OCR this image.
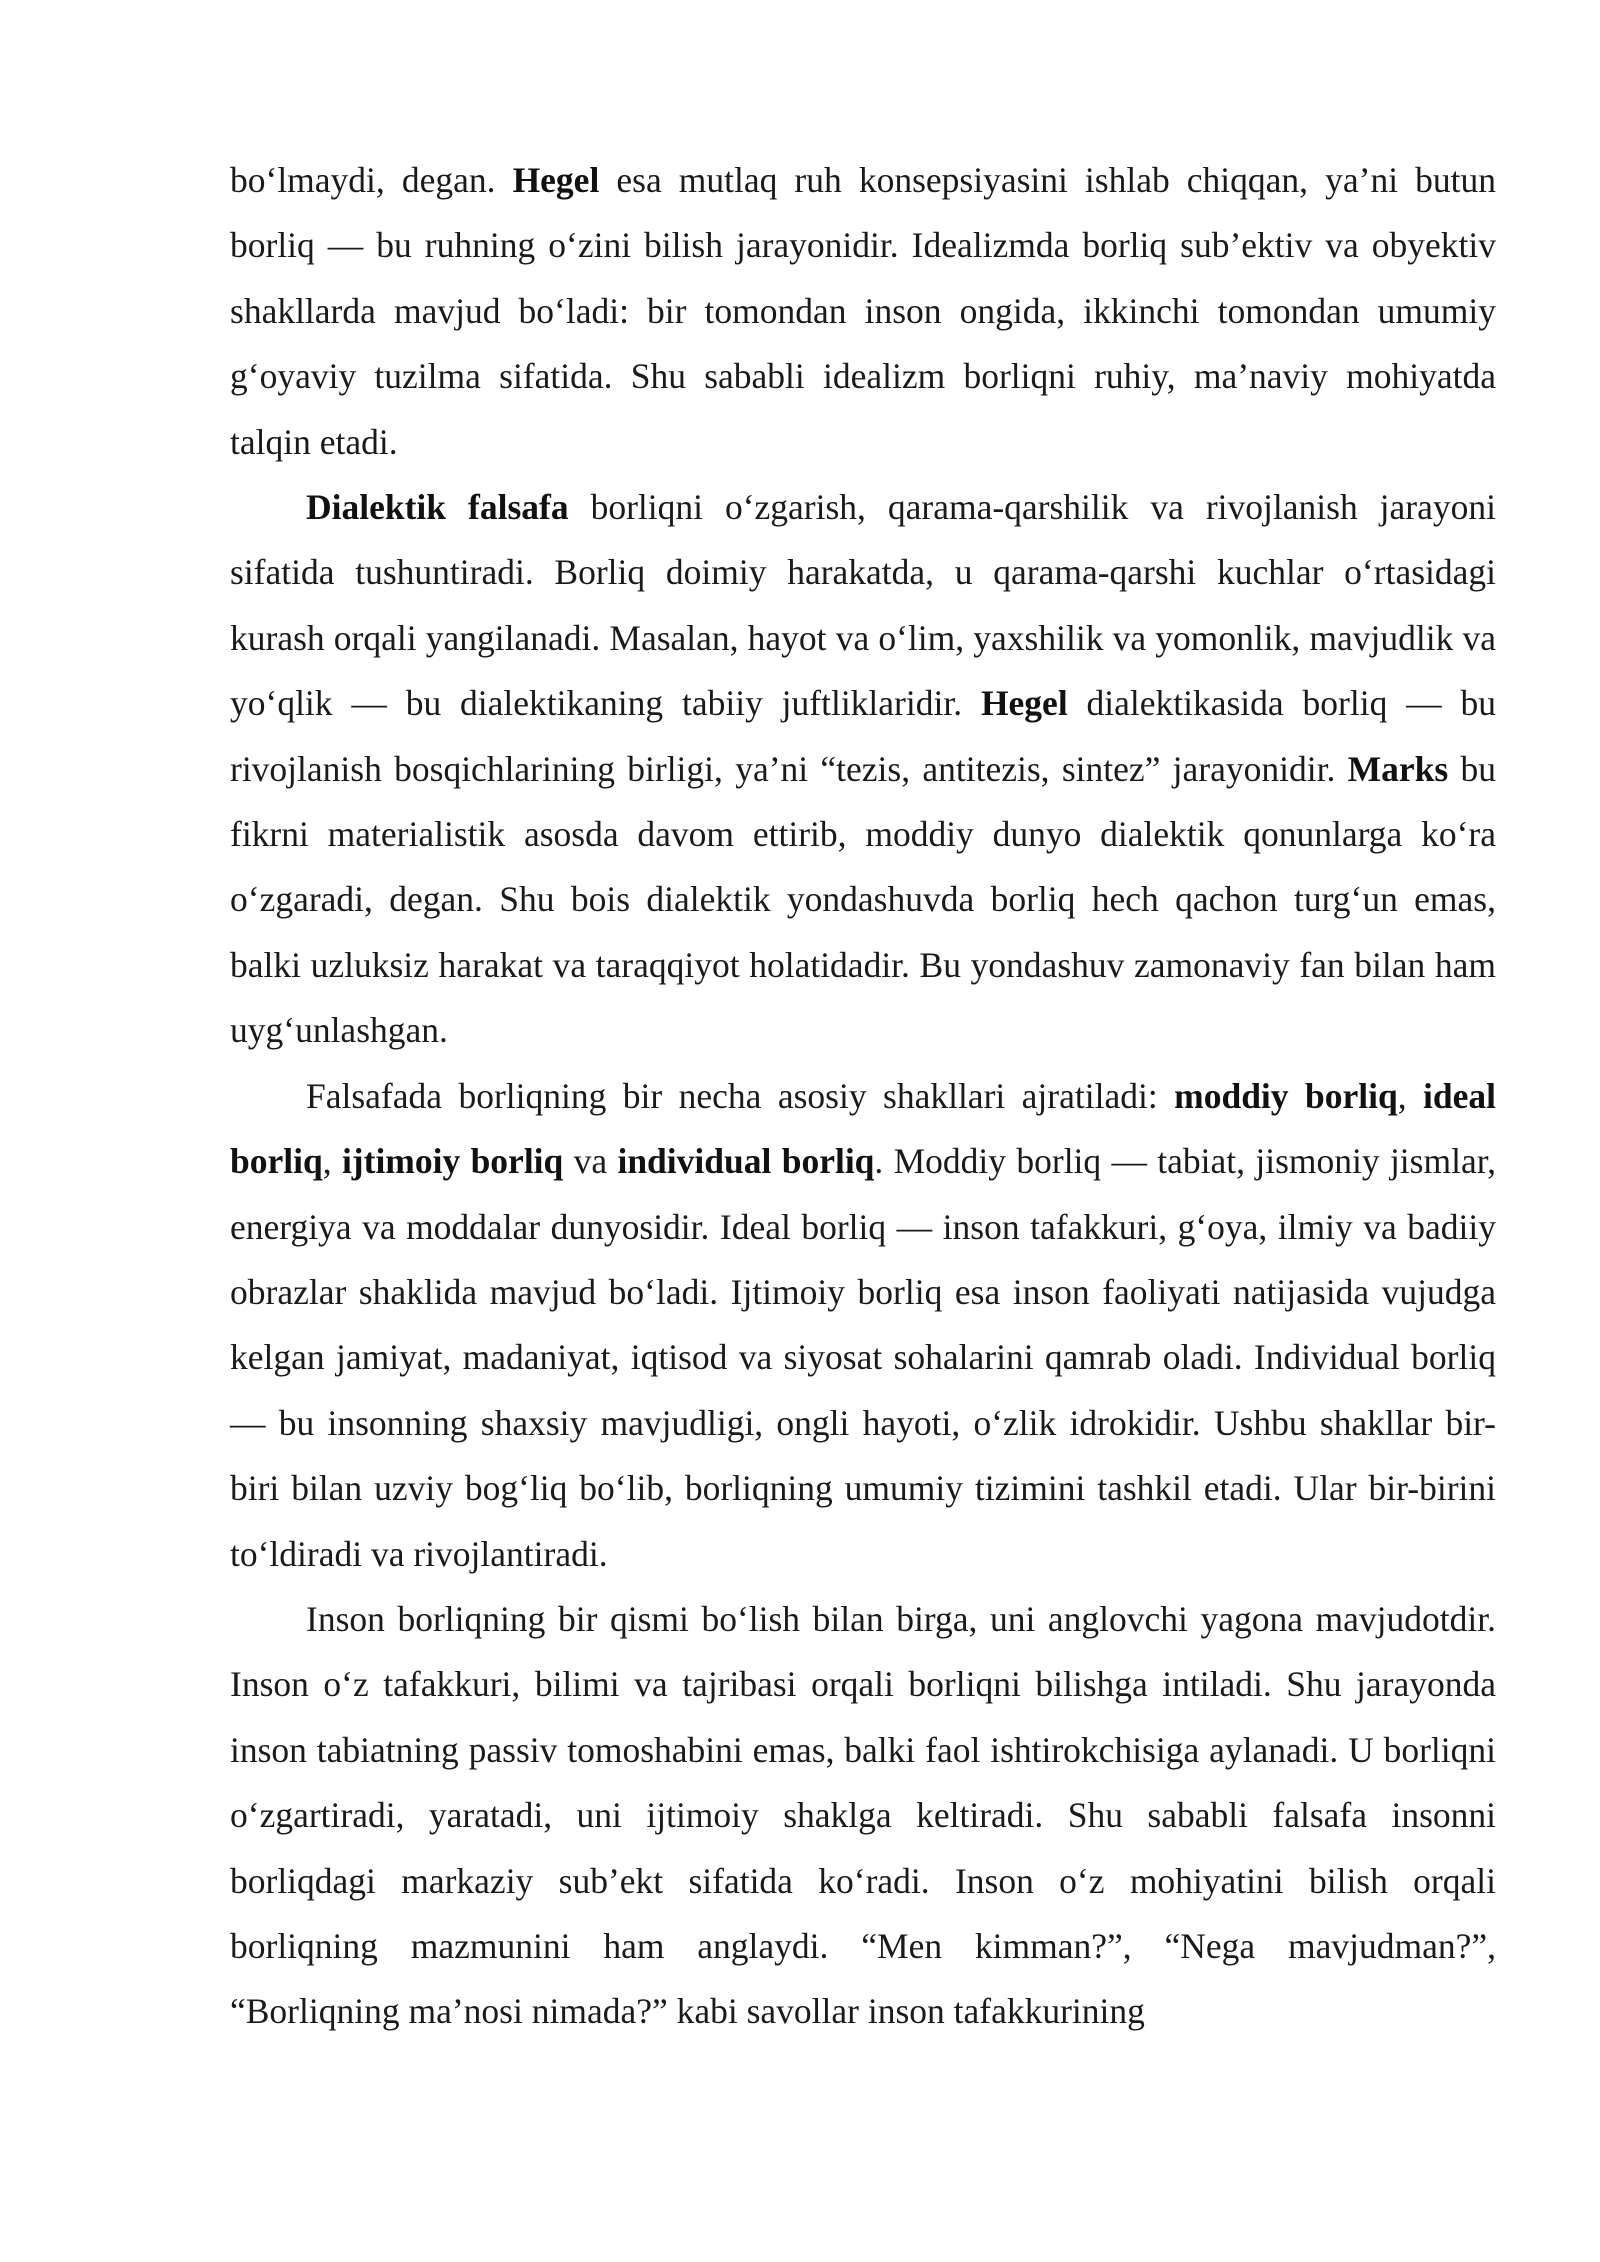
bo‘lmaydi, degan. Hegel esa mutlaq ruh konsepsiyasini ishlab chiqqan, ya’ni butun borliq — bu ruhning o‘zini bilish jarayonidir. Idealizmda borliq sub’ektiv va obyektiv shakllarda mavjud bo‘ladi: bir tomondan inson ongida, ikkinchi tomondan umumiy g‘oyaviy tuzilma sifatida. Shu sababli idealizm borliqni ruhiy, ma’naviy mohiyatda talqin etadi.

Dialektik falsafa borliqni o‘zgarish, qarama-qarshilik va rivojlanish jarayoni sifatida tushuntiradi. Borliq doimiy harakatda, u qarama-qarshi kuchlar o‘rtasidagi kurash orqali yangilanadi. Masalan, hayot va o‘lim, yaxshilik va yomonlik, mavjudlik va yo‘qlik — bu dialektikaning tabiiy juftliklaridir. Hegel dialektikasida borliq — bu rivojlanish bosqichlarining birligi, ya’ni “tezis, antitezis, sintez” jarayonidir. Marks bu fikrni materialistik asosda davom ettirib, moddiy dunyo dialektik qonunlarga ko‘ra o‘zgaradi, degan. Shu bois dialektik yondashuvda borliq hech qachon turg‘un emas, balki uzluksiz harakat va taraqqiyot holatidadir. Bu yondashuv zamonaviy fan bilan ham uyg‘unlashgan.

Falsafada borliqning bir necha asosiy shakllari ajratiladi: moddiy borliq, ideal borliq, ijtimoiy borliq va individual borliq. Moddiy borliq — tabiat, jismoniy jismlar, energiya va moddalar dunyosidir. Ideal borliq — inson tafakkuri, g‘oya, ilmiy va badiiy obrazlar shaklida mavjud bo‘ladi. Ijtimoiy borliq esa inson faoliyati natijasida vujudga kelgan jamiyat, madaniyat, iqtisod va siyosat sohalarini qamrab oladi. Individual borliq — bu insonning shaxsiy mavjudligi, ongli hayoti, o‘zlik idrokidir. Ushbu shakllar bir-biri bilan uzviy bog‘liq bo‘lib, borliqning umumiy tizimini tashkil etadi. Ular bir-birini to‘ldiradi va rivojlantiradi.

Inson borliqning bir qismi bo‘lish bilan birga, uni anglovchi yagona mavjudotdir. Inson o‘z tafakkuri, bilimi va tajribasi orqali borliqni bilishga intiladi. Shu jarayonda inson tabiatning passiv tomoshabini emas, balki faol ishtirokchisiga aylanadi. U borliqni o‘zgartiradi, yaratadi, uni ijtimoiy shaklga keltiradi. Shu sababli falsafa insonni borliqdagi markaziy sub’ekt sifatida ko‘radi. Inson o‘z mohiyatini bilish orqali borliqning mazmunini ham anglaydi. “Men kimman?”, “Nega mavjudman?”, “Borliqning ma’nosi nimada?” kabi savollar inson tafakkurining
